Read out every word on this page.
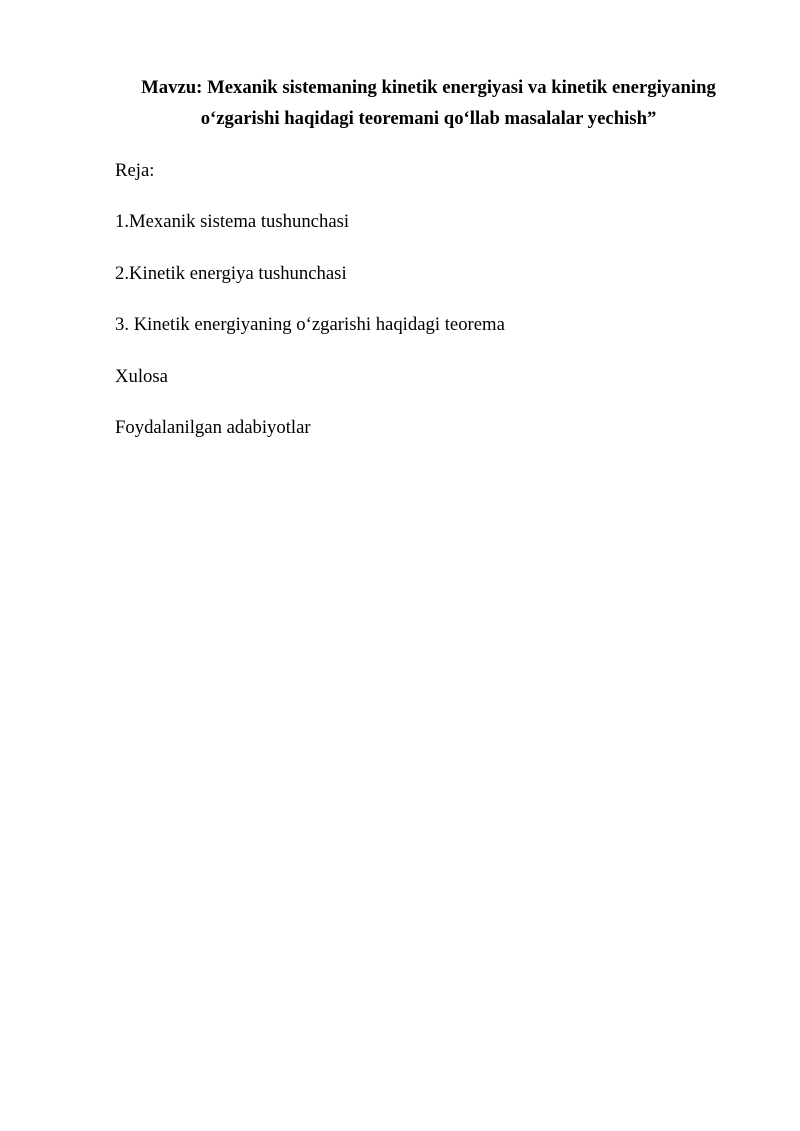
Mavzu: Mexanik sistemaning kinetik energiyasi va kinetik energiyaning
o‘zgarishi haqidagi teoremani qo‘llab masalalar yechish”

Reja:

1.Mexanik sistema tushunchasi

2.Kinetik energiya tushunchasi

3. Kinetik energiyaning o‘zgarishi haqidagi teorema

Xulosa

Foydalanilgan adabiyotlar
